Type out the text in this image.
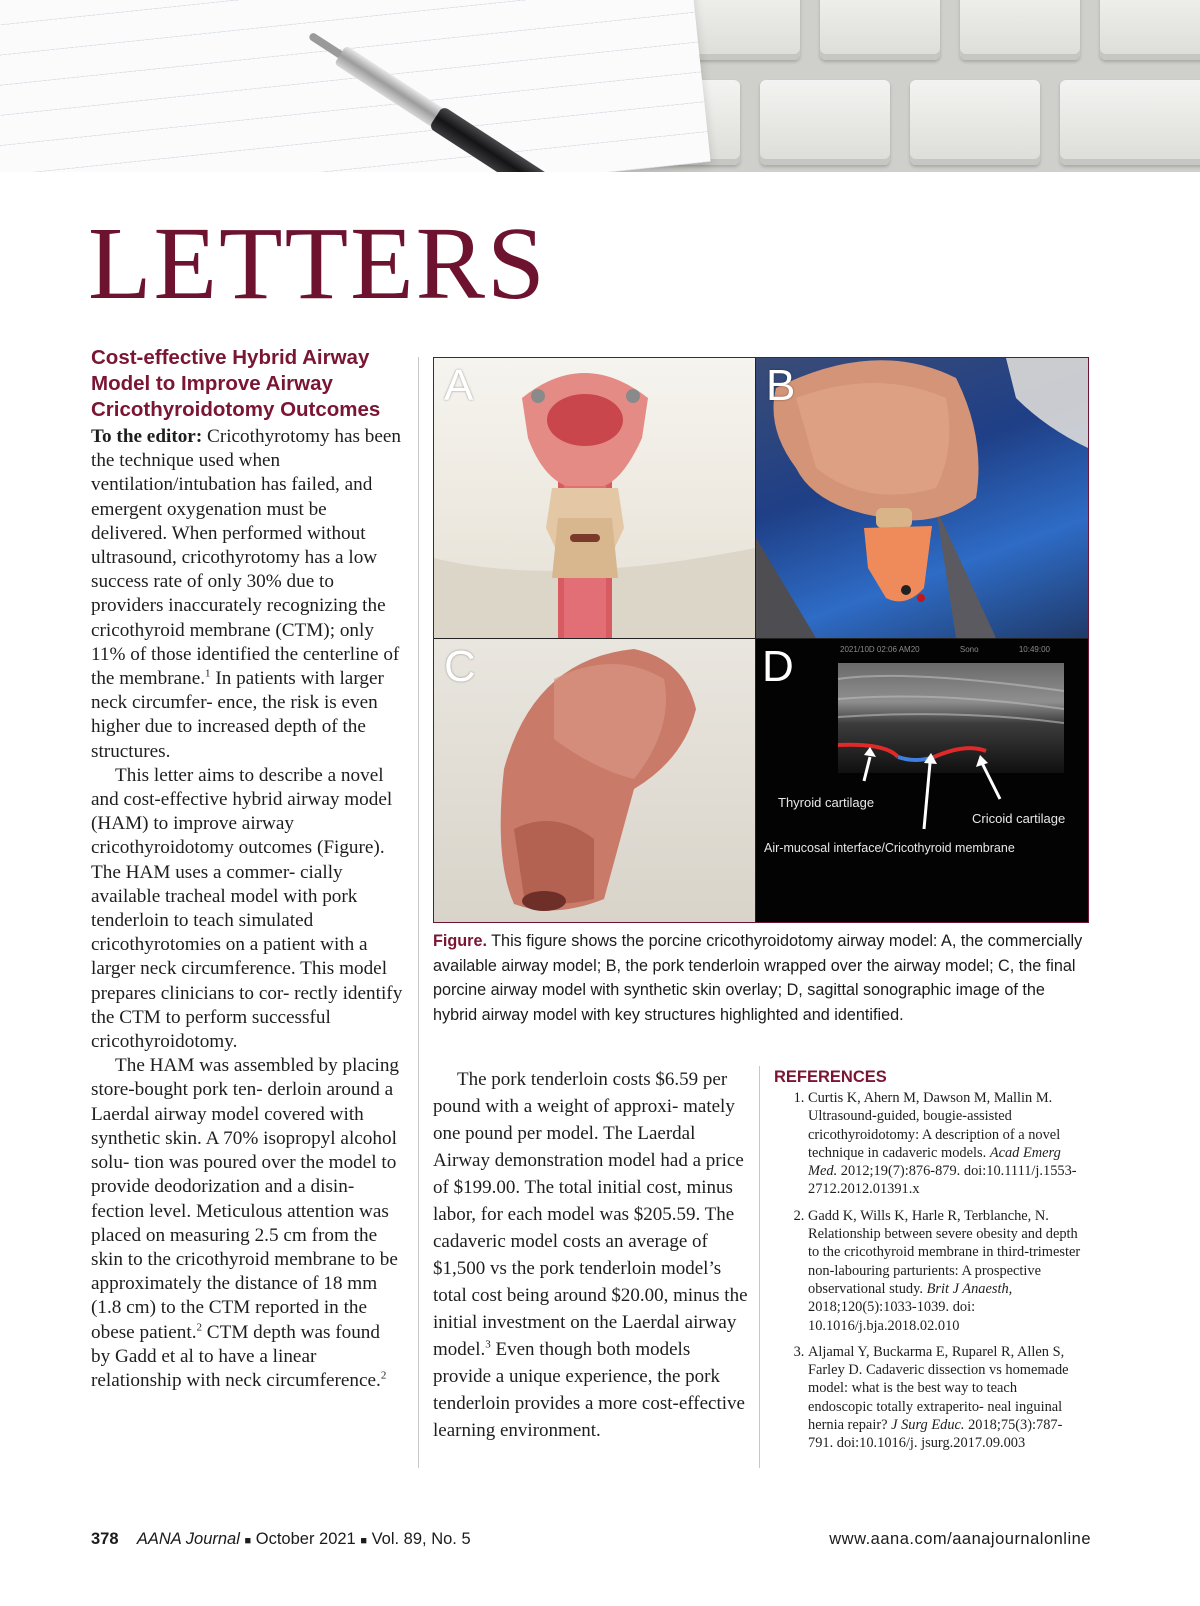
LETTERS
Cost-effective Hybrid Airway Model to Improve Airway Cricothyroidotomy Outcomes

To the editor: Cricothyrotomy has been the technique used when ventilation/intubation has failed, and emergent oxygenation must be delivered. When performed without ultrasound, cricothyrotomy has a low success rate of only 30% due to providers inaccurately recognizing the cricothyroid membrane (CTM); only 11% of those identified the centerline of the membrane.$^1$ In patients with larger neck circumfer- ence, the risk is even higher due to increased depth of the structures.

This letter aims to describe a novel and cost-effective hybrid airway model (HAM) to improve airway cricothyroidotomy outcomes (Figure). The HAM uses a commer- cially available tracheal model with pork tenderloin to teach simulated cricothyrotomies on a patient with a larger neck circumference. This model prepares clinicians to cor- rectly identify the CTM to perform successful cricothyroidotomy.

The HAM was assembled by placing store-bought pork ten- derloin around a Laerdal airway model covered with synthetic skin. A 70% isopropyl alcohol solu- tion was poured over the model to provide deodorization and a disin- fection level. Meticulous attention was placed on measuring 2.5 cm from the skin to the cricothyroid membrane to be approximately the distance of 18 mm (1.8 cm) to the CTM reported in the obese patient.$^2$ CTM depth was found by Gadd et al to have a linear relationship with neck circumference.$^2$

A	B
C	D	2021/10D 02:06 AM20	Sono	10:49:00
Thyroid cartilage
Cricoid cartilage
Air-mucosal interface/Cricothyroid membrane

Figure. This figure shows the porcine cricothyroidotomy airway model: A, the commercially available airway model; B, the pork tenderloin wrapped over the airway model; C, the final porcine airway model with synthetic skin overlay; D, sagittal sonographic image of the hybrid airway model with key structures highlighted and identified.

The pork tenderloin costs $6.59 per pound with a weight of approxi- mately one pound per model. The Laerdal Airway demonstration model had a price of $199.00. The total initial cost, minus labor, for each model was $205.59. The cadaveric model costs an average of $1,500 vs the pork tenderloin model’s total cost being around $20.00, minus the initial investment on the Laerdal airway model.$^3$ Even though both models provide a unique experience, the pork tenderloin provides a more cost-effective learning environment.

REFERENCES
1. Curtis K, Ahern M, Dawson M, Mallin M. Ultrasound-guided, bougie-assisted cricothyroidotomy: A description of a novel technique in cadaveric models. Acad Emerg Med. 2012;19(7):876-879. doi:10.1111/j.1553-2712.2012.01391.x
2. Gadd K, Wills K, Harle R, Terblanche, N. Relationship between severe obesity and depth to the cricothyroid membrane in third-trimester non-labouring parturients: A prospective observational study. Brit J Anaesth, 2018;120(5):1033-1039. doi: 10.1016/j.bja.2018.02.010
3. Aljamal Y, Buckarma E, Ruparel R, Allen S, Farley D. Cadaveric dissection vs homemade model: what is the best way to teach endoscopic totally extraperito- neal inguinal hernia repair? J Surg Educ. 2018;75(3):787-791. doi:10.1016/j. jsurg.2017.09.003
378 AANA Journal ■ October 2021 ■ Vol. 89, No. 5	www.aana.com/aanajournalonline
